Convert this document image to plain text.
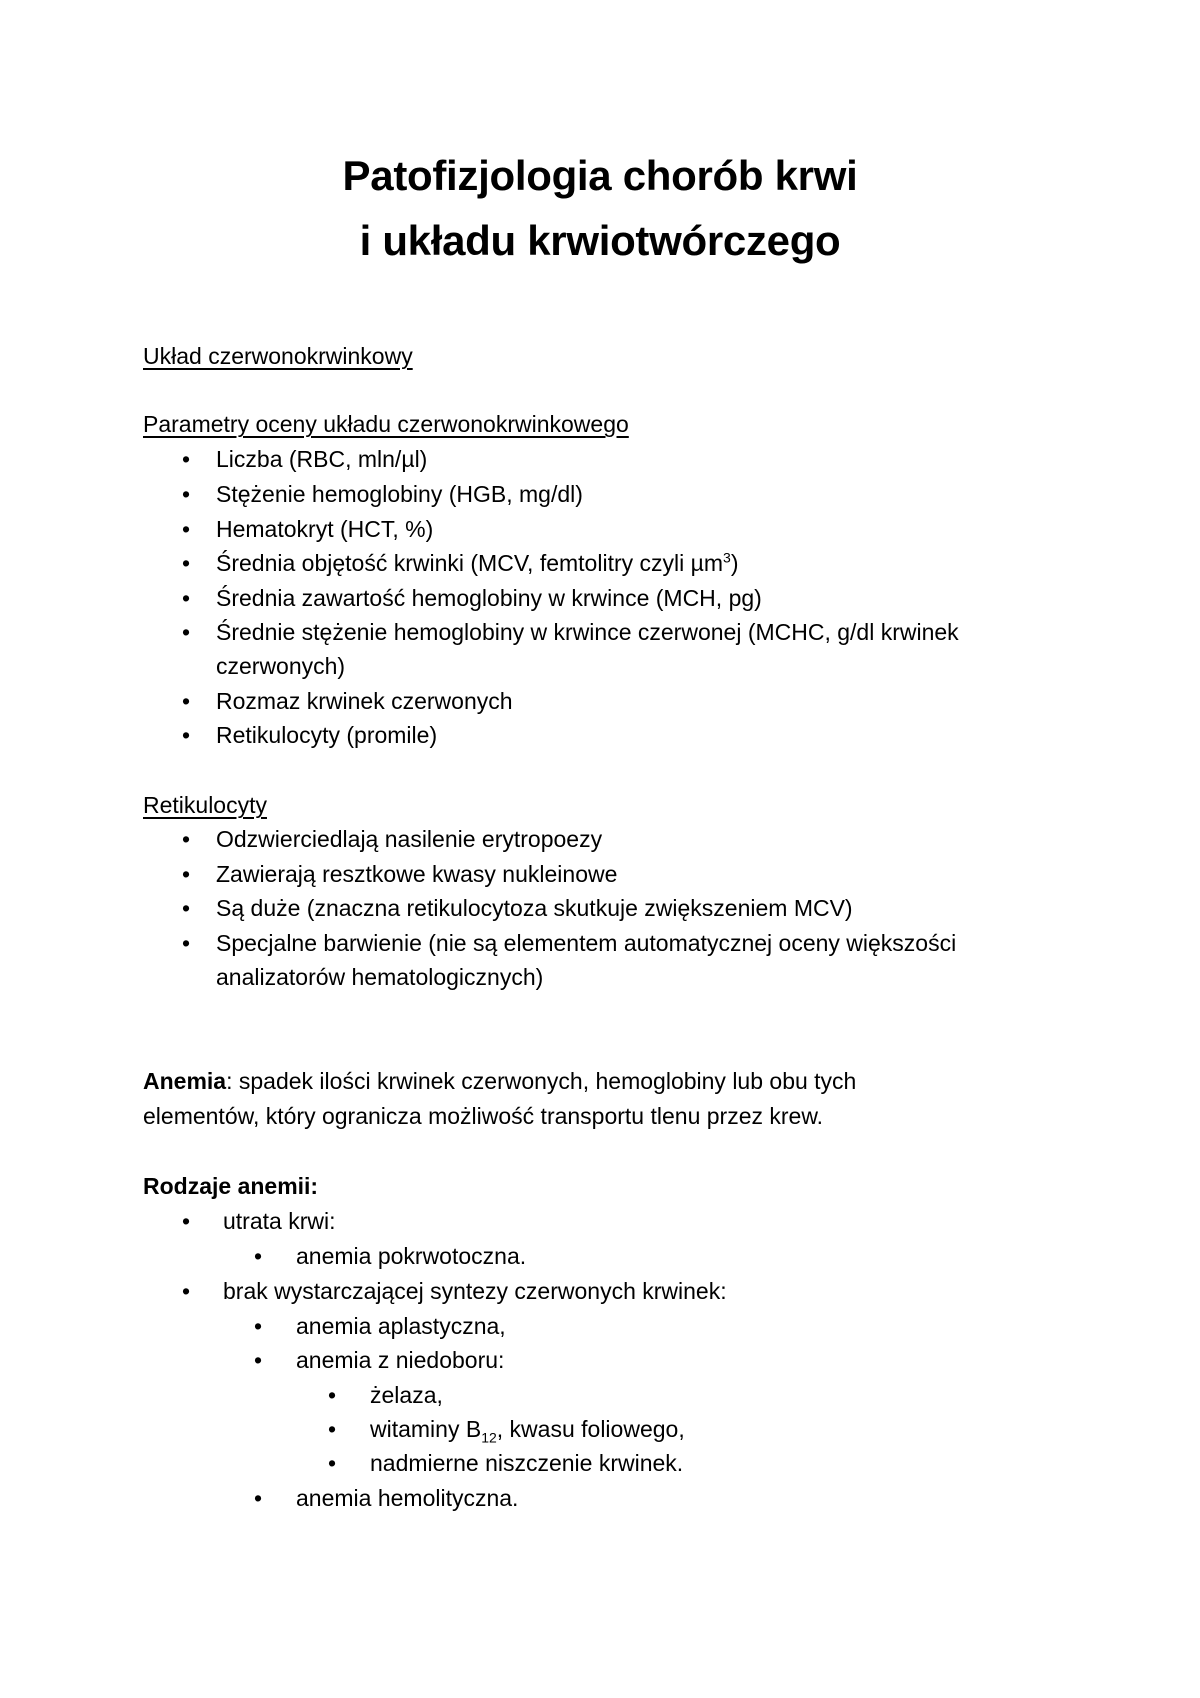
Patofizjologia chorób krwi
i układu krwiotwórczego
Układ czerwonokrwinkowy
Parametry oceny układu czerwonokrwinkowego
• Liczba (RBC, mln/µl)
• Stężenie hemoglobiny (HGB, mg/dl)
• Hematokryt (HCT, %)
• Średnia objętość krwinki (MCV, femtolitry czyli µm$^3$)
• Średnia zawartość hemoglobiny w krwince (MCH, pg)
• Średnie stężenie hemoglobiny w krwince czerwonej (MCHC, g/dl krwinek
czerwonych)
• Rozmaz krwinek czerwonych
• Retikulocyty (promile)
Retikulocyty
• Odzwierciedlają nasilenie erytropoezy
• Zawierają resztkowe kwasy nukleinowe
• Są duże (znaczna retikulocytoza skutkuje zwiększeniem MCV)
• Specjalne barwienie (nie są elementem automatycznej oceny większości
analizatorów hematologicznych)
Anemia: spadek ilości krwinek czerwonych, hemoglobiny lub obu tych
elementów, który ogranicza możliwość transportu tlenu przez krew.
Rodzaje anemii:
• utrata krwi:
• anemia pokrwotoczna.
• brak wystarczającej syntezy czerwonych krwinek:
• anemia aplastyczna,
• anemia z niedoboru:
• żelaza,
• witaminy $B_{12}$, kwasu foliowego,
• nadmierne niszczenie krwinek.
• anemia hemolityczna.
